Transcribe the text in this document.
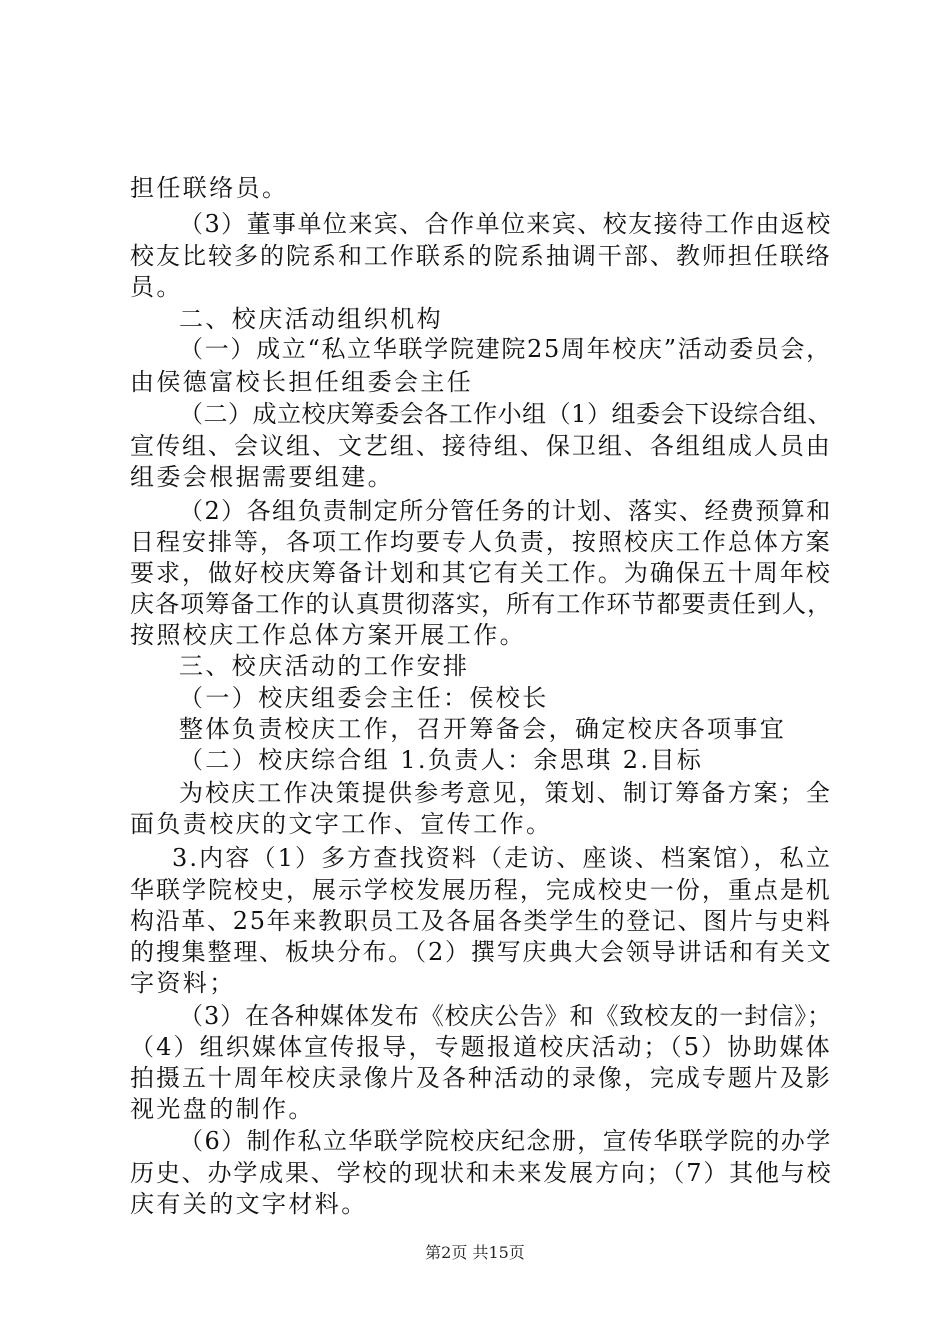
担任联络员。
（3）董事单位来宾、合作单位来宾、校友接待工作由返校
校友比较多的院系和工作联系的院系抽调干部、教师担任联络
员。
二、校庆活动组织机构
（一）成立“私立华联学院建院25周年校庆”活动委员会，
由侯德富校长担任组委会主任
（二）成立校庆筹委会各工作小组（1）组委会下设综合组、
宣传组、会议组、文艺组、接待组、保卫组、各组组成人员由
组委会根据需要组建。
（2）各组负责制定所分管任务的计划、落实、经费预算和
日程安排等，各项工作均要专人负责，按照校庆工作总体方案
要求，做好校庆筹备计划和其它有关工作。为确保五十周年校
庆各项筹备工作的认真贯彻落实，所有工作环节都要责任到人，
按照校庆工作总体方案开展工作。
三、校庆活动的工作安排
（一）校庆组委会主任：侯校长
整体负责校庆工作，召开筹备会，确定校庆各项事宜
（二）校庆综合组 1.负责人：余思琪 2.目标
为校庆工作决策提供参考意见，策划、制订筹备方案；全
面负责校庆的文字工作、宣传工作。
3.内容（1）多方查找资料（走访、座谈、档案馆），私立
华联学院校史，展示学校发展历程，完成校史一份，重点是机
构沿革、25年来教职员工及各届各类学生的登记、图片与史料
的搜集整理、板块分布。（2）撰写庆典大会领导讲话和有关文
字资料；
（3）在各种媒体发布《校庆公告》和《致校友的一封信》；
（4）组织媒体宣传报导，专题报道校庆活动；（5）协助媒体
拍摄五十周年校庆录像片及各种活动的录像，完成专题片及影
视光盘的制作。
（6）制作私立华联学院校庆纪念册，宣传华联学院的办学
历史、办学成果、学校的现状和未来发展方向；（7）其他与校
庆有关的文字材料。
第2页 共15页
